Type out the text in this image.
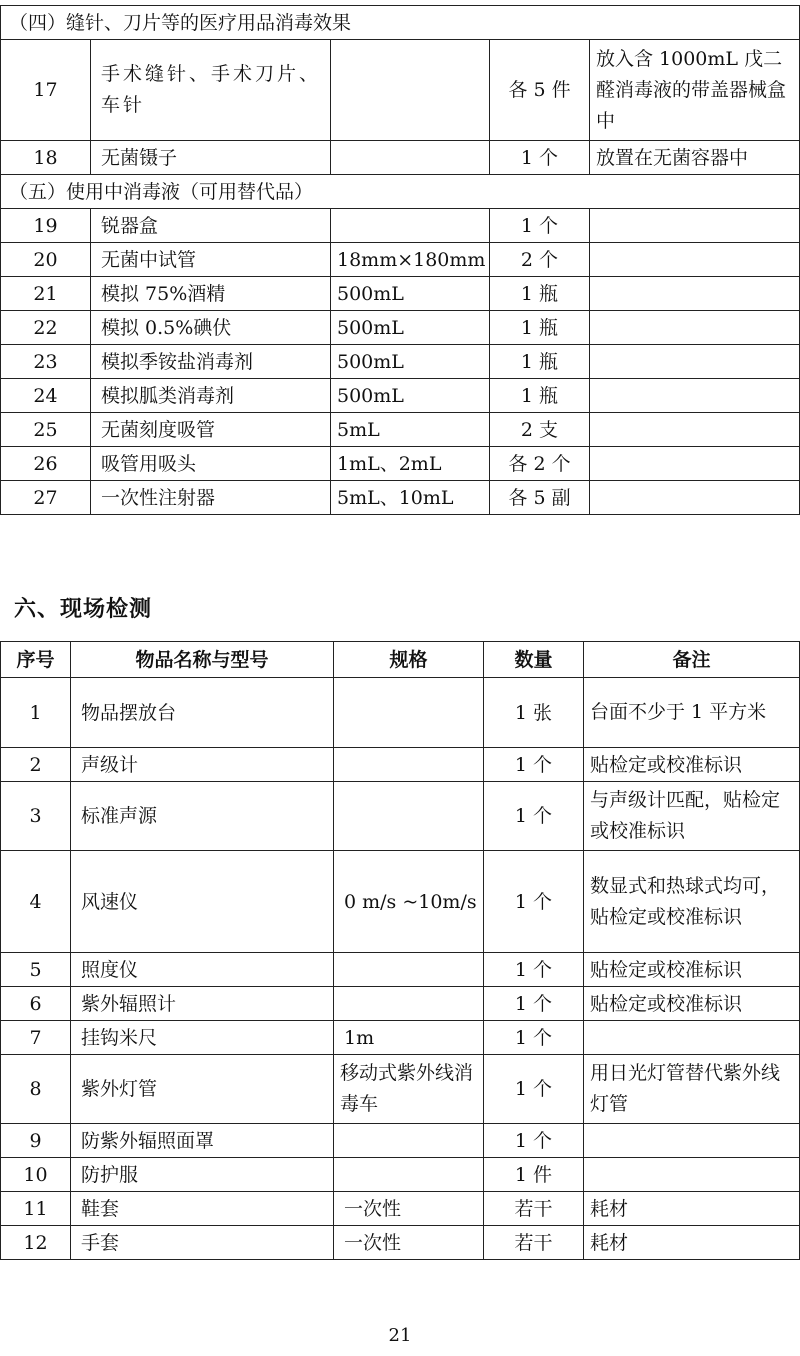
（四）缝针、刀片等的医疗用品消毒效果				
17	手术缝针、手术刀片、车针		各 5 件	放入含 1000mL 戊二醛消毒液的带盖器械盒中
18	无菌镊子		1 个	放置在无菌容器中
（五）使用中消毒液（可用替代品）				
19	锐器盒		1 个	
20	无菌中试管	18mm×180mm	2 个	
21	模拟 75%酒精	500mL	1 瓶	
22	模拟 0.5%碘伏	500mL	1 瓶	
23	模拟季铵盐消毒剂	500mL	1 瓶	
24	模拟胍类消毒剂	500mL	1 瓶	
25	无菌刻度吸管	5mL	2 支	
26	吸管用吸头	1mL、2mL	各 2 个	
27	一次性注射器	5mL、10mL	各 5 副	
六、现场检测
序号	物品名称与型号	规格	数量	备注
1	物品摆放台		1 张	台面不少于 1 平方米
2	声级计		1 个	贴检定或校准标识
3	标准声源		1 个	与声级计匹配，贴检定或校准标识
4	风速仪	0 m/s ~10m/s	1 个	数显式和热球式均可，贴检定或校准标识
5	照度仪		1 个	贴检定或校准标识
6	紫外辐照计		1 个	贴检定或校准标识
7	挂钩米尺	1m	1 个	
8	紫外灯管	移动式紫外线消毒车	1 个	用日光灯管替代紫外线灯管
9	防紫外辐照面罩		1 个	
10	防护服		1 件	
11	鞋套	一次性	若干	耗材
12	手套	一次性	若干	耗材
21
